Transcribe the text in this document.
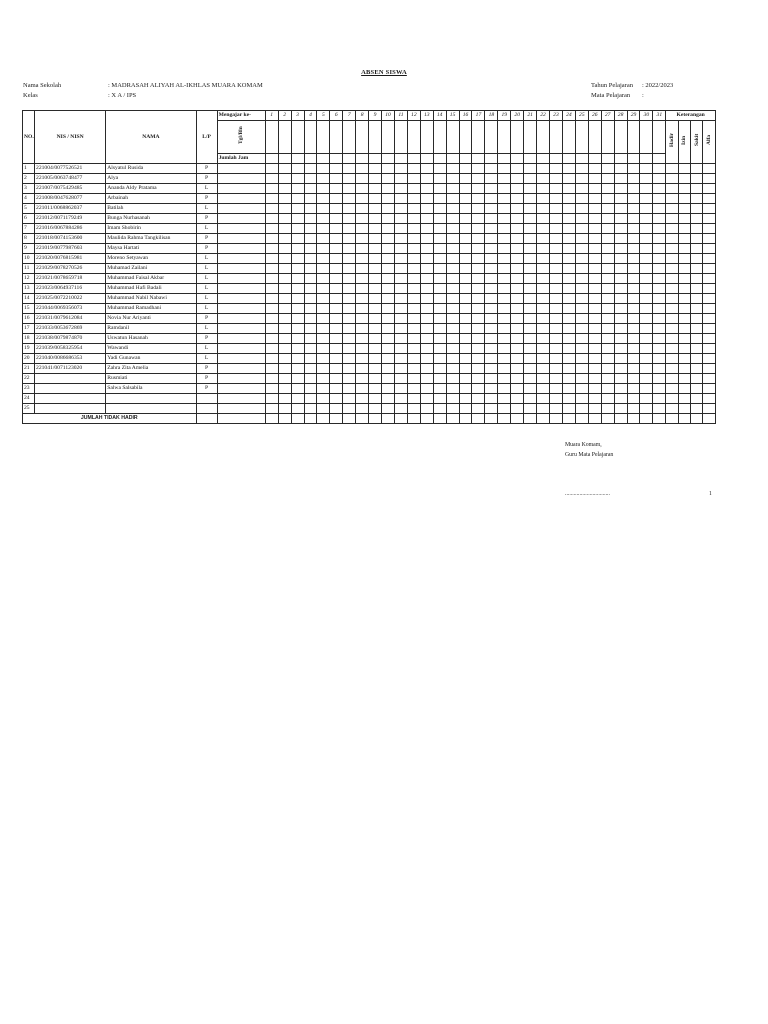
ABSEN SISWA
Nama Sekolah	: MADRASAH ALIYAH AL-IKHLAS MUARA KOMAM
Kelas	: X A / IPS
Tahun Pelajaran : 2022/2023
Mata Pelajaran :
NO.	NIS / NISN	NAMA	L/P	Mengajar ke-	1	2	3	4	5	6	7	8	9	10	11	12	13	14	15	16	17	18	19	20	21	22	23	24	25	26	27	28	29	30	31	Keterangan			
				Tgl/Bln																																Hadir	Izin	Sakit	Alfa
				Jumlah Jam																																			
1	221004/0077526521	Alsyatul Rusida	P																																				
2	221005/0063748477	Alya	P																																				
3	221007/0075429485	Ananda Aldy Pratama	L																																				
4	221008/0047628077	Arbainah	P																																				
5	221011/0068862037	Batilah	L																																				
6	221012/0071179249	Bunga Nurhasanah	P																																				
7	221016/0067884286	Imam Shobirin	L																																				
8	221018/0074153600	Maulida Rahma Tangkilisan	P																																				
9	221019/0077987603	Maysa Hartati	P																																				
10	221020/0076815981	Moreno Setyawan	L																																				
11	221029/0078270526	Muhamad Zailani	L																																				
12	221021/0078659718	Muhammad Faisal Akbar	L																																				
13	221023/0064937116	Muhammad Hafi Badali	L																																				
14	221025/0072210022	Muhammad Nabil Nabawi	L																																				
15	221044/0069356073	Muhammad Ramadhani	L																																				
16	221031/0079612084	Novia Nur Ariyanti	P																																				
17	221033/0053672869	Ramdanil	L																																				
18	221038/0079874870	Uswatun Hasanah	P																																				
19	221039/0058325954	Wawandi	L																																				
20	221040/0086686353	Yadi Gunawan	L																																				
21	221041/0071123020	Zahra Zita Amelia	P																																				
22		Rusmiati	P																																				
23		Salwa Salsabila	P																																				
24																																							
25																																							
JUMLAH TIDAK HADIR																																							
Muara Komam,
Guru Mata Pelajaran
...............................	1
